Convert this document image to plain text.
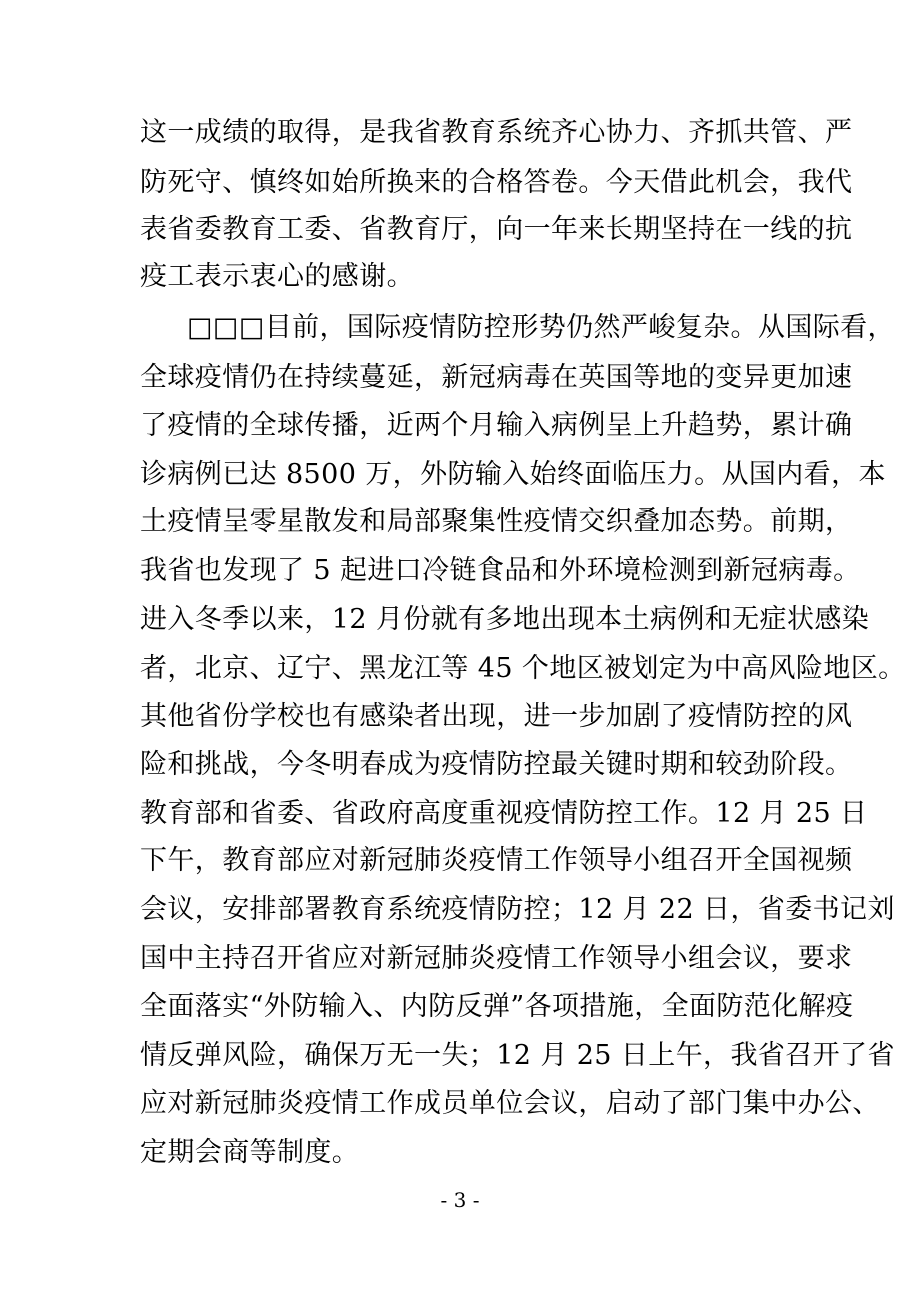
这一成绩的取得，是我省教育系统齐心协力、齐抓共管、严
防死守、慎终如始所换来的合格答卷。今天借此机会，我代
表省委教育工委、省教育厅，向一年来长期坚持在一线的抗
疫工表示衷心的感谢。
□□□目前，国际疫情防控形势仍然严峻复杂。从国际看，
全球疫情仍在持续蔓延，新冠病毒在英国等地的变异更加速
了疫情的全球传播，近两个月输入病例呈上升趋势，累计确
诊病例已达 8500 万，外防输入始终面临压力。从国内看，本
土疫情呈零星散发和局部聚集性疫情交织叠加态势。前期，
我省也发现了 5 起进口冷链食品和外环境检测到新冠病毒。
进入冬季以来，12 月份就有多地出现本土病例和无症状感染
者，北京、辽宁、黑龙江等 45 个地区被划定为中高风险地区。
其他省份学校也有感染者出现，进一步加剧了疫情防控的风
险和挑战，今冬明春成为疫情防控最关键时期和较劲阶段。
教育部和省委、省政府高度重视疫情防控工作。12 月 25 日
下午，教育部应对新冠肺炎疫情工作领导小组召开全国视频
会议，安排部署教育系统疫情防控；12 月 22 日，省委书记刘
国中主持召开省应对新冠肺炎疫情工作领导小组会议，要求
全面落实“外防输入、内防反弹”各项措施，全面防范化解疫
情反弹风险，确保万无一失；12 月 25 日上午，我省召开了省
应对新冠肺炎疫情工作成员单位会议，启动了部门集中办公、
定期会商等制度。
- 3 -
